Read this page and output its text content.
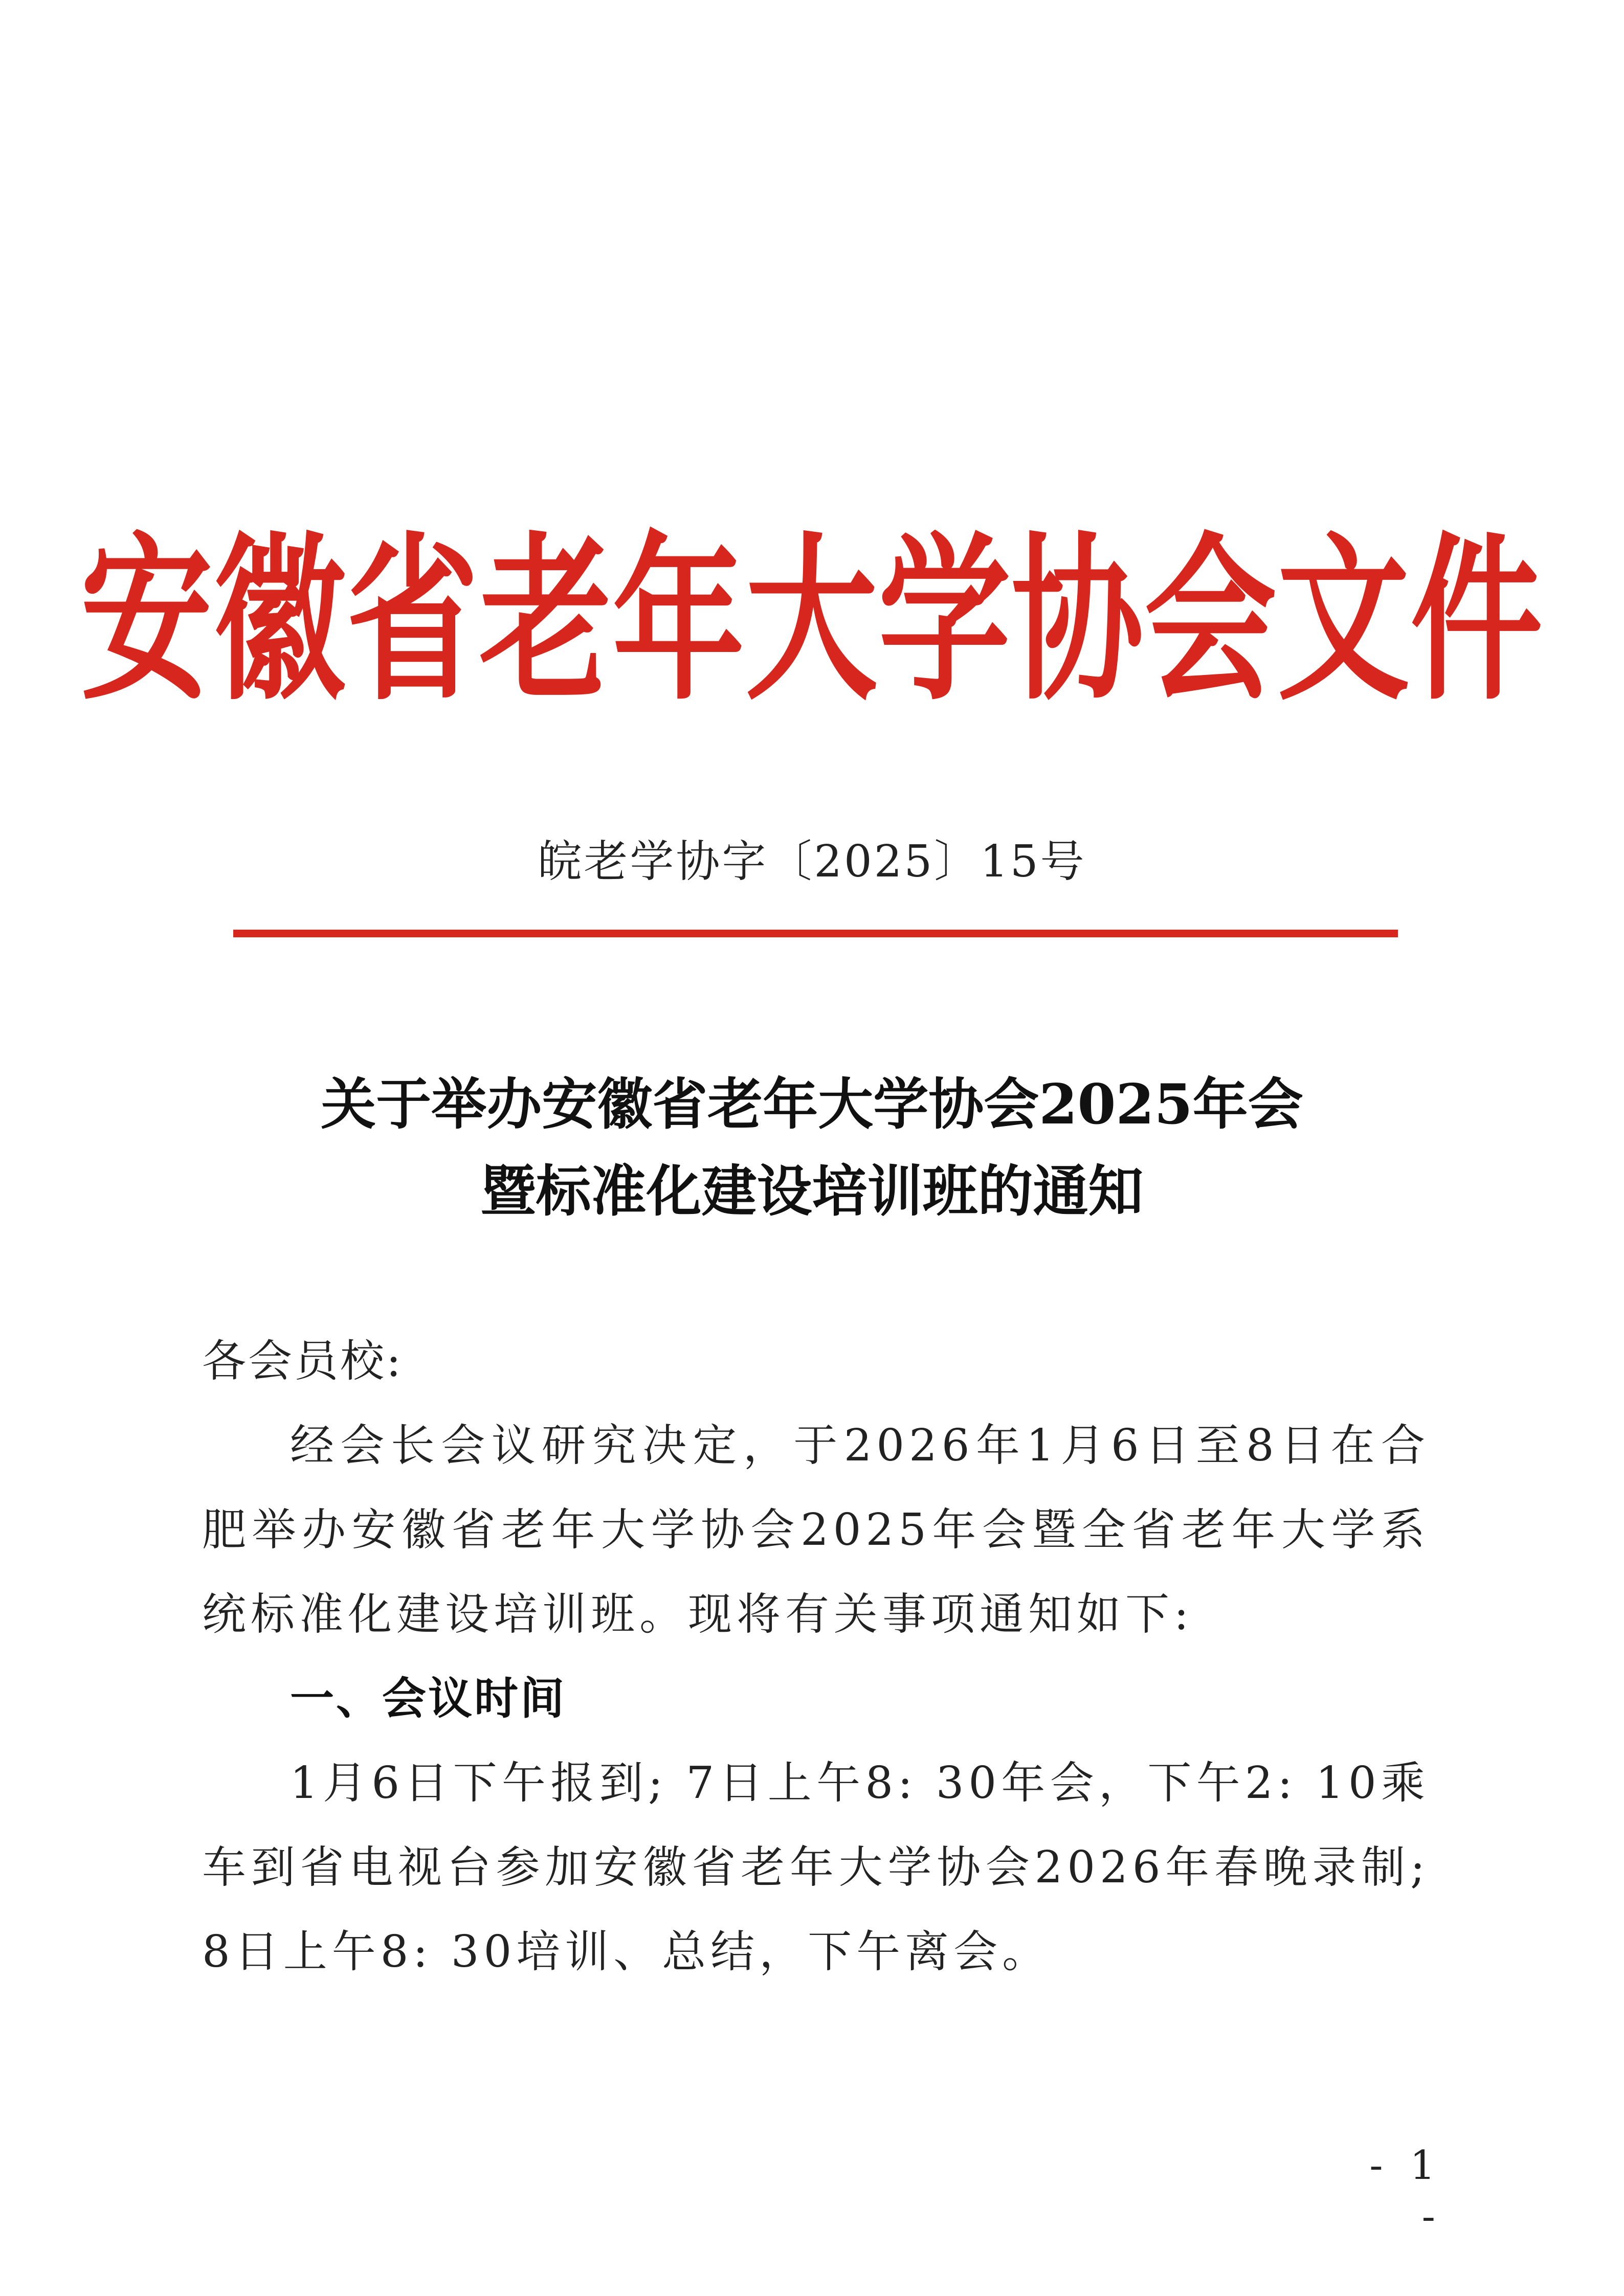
安徽省老年大学协会文件
皖老学协字〔2025〕15号
关于举办安徽省老年大学协会2025年会
暨标准化建设培训班的通知
各会员校:
经会长会议研究决定，于2026年1月6日至8日在合肥举办安徽省老年大学协会2025年会暨全省老年大学系统标准化建设培训班。现将有关事项通知如下:
一、会议时间
1月6日下午报到; 7日上午8: 30年会，下午2: 10乘车到省电视台参加安徽省老年大学协会2026年春晚录制; 8日上午8: 30培训、总结，下午离会。
- 1 -
